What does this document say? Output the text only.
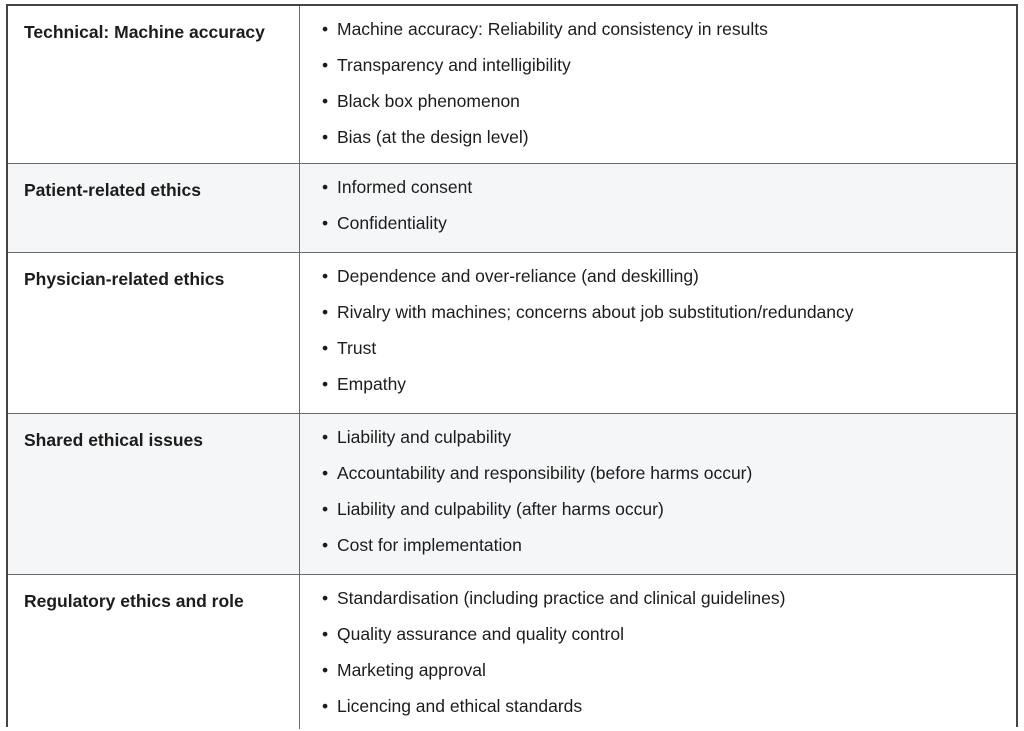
Technical: Machine accuracy	• Machine accuracy: Reliability and consistency in results
• Transparency and intelligibility
• Black box phenomenon
• Bias (at the design level)
Patient-related ethics	• Informed consent
• Confidentiality
Physician-related ethics	• Dependence and over-reliance (and deskilling)
• Rivalry with machines; concerns about job substitution/redundancy
• Trust
• Empathy
Shared ethical issues	• Liability and culpability
• Accountability and responsibility (before harms occur)
• Liability and culpability (after harms occur)
• Cost for implementation
Regulatory ethics and role	• Standardisation (including practice and clinical guidelines)
• Quality assurance and quality control
• Marketing approval
• Licencing and ethical standards
